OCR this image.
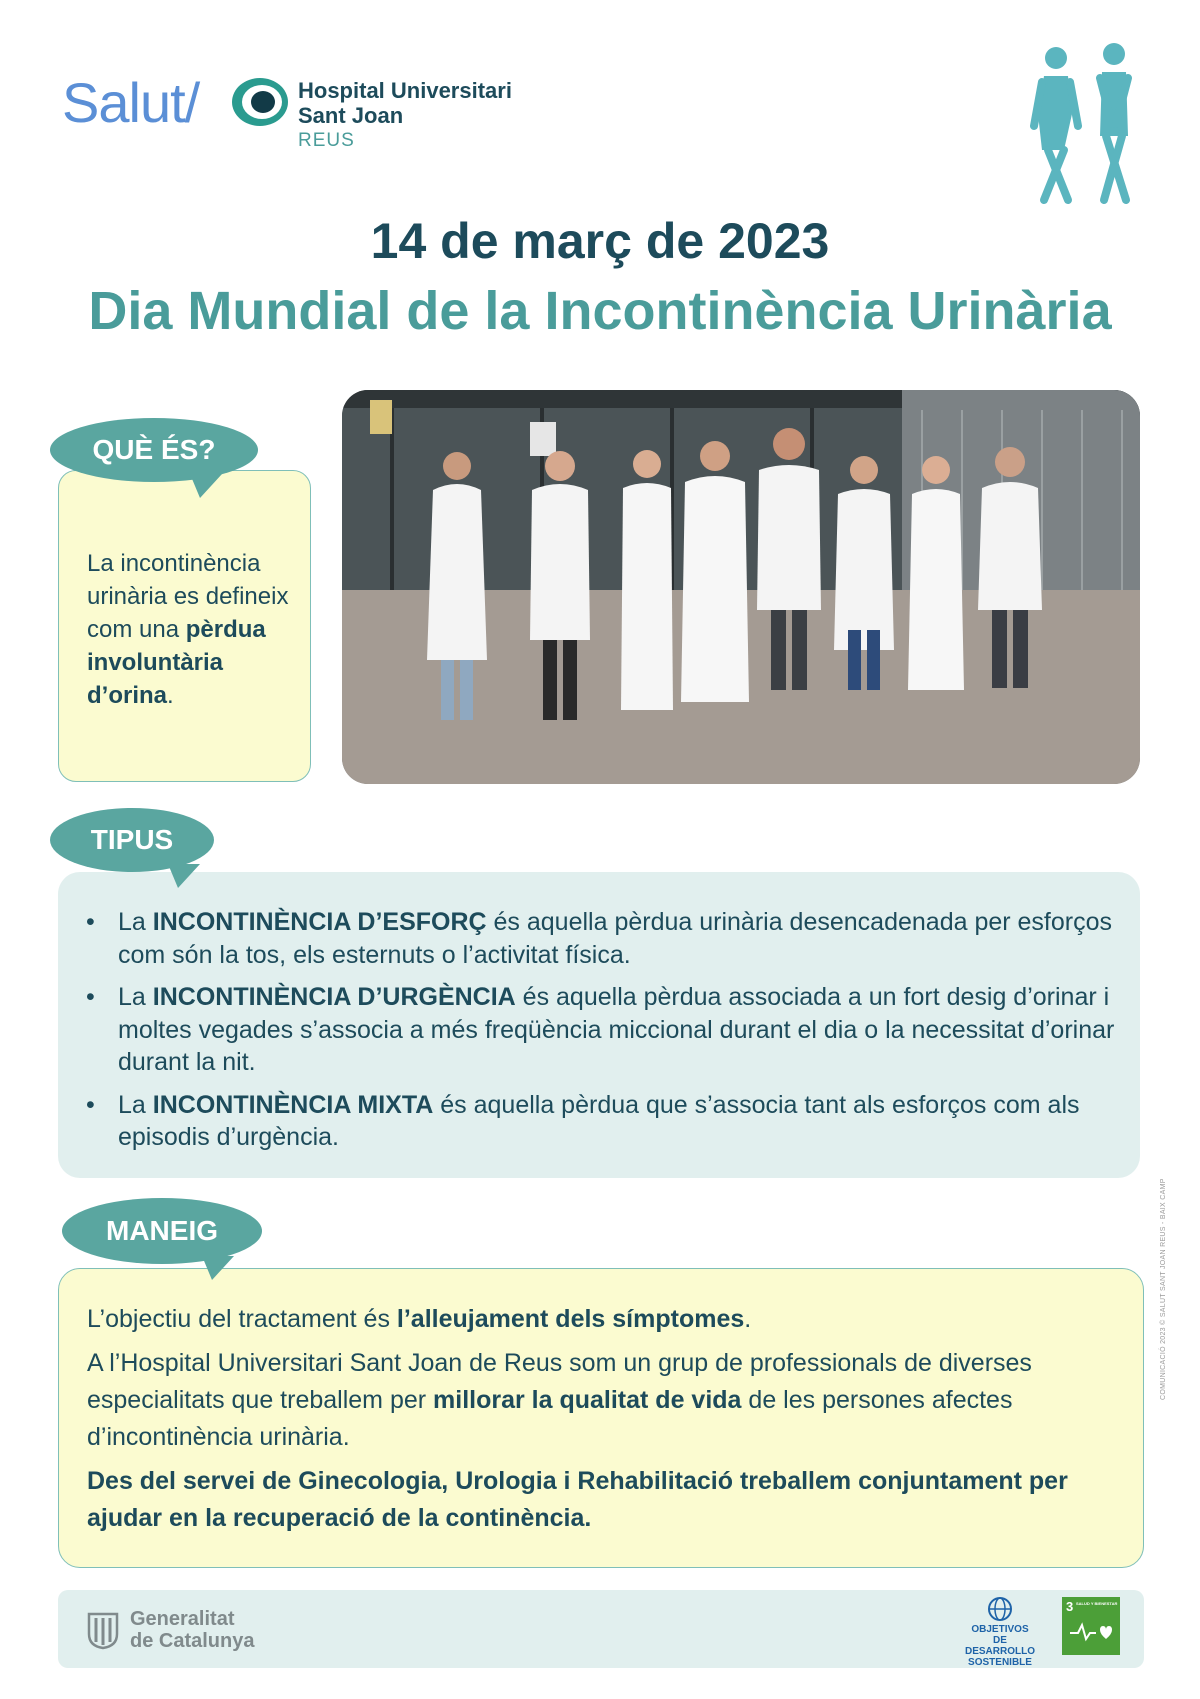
Salut/	Hospital Universitari
Sant Joan
REUS
14 de març de 2023
Dia Mundial de la Incontinència Urinària

La incontinència urinària es defineix com una pèrdua involuntària d’orina.

QUÈ ÉS?
• La INCONTINÈNCIA D’ESFORÇ és aquella pèrdua urinària desencadenada per esforços com són la tos, els esternuts o l’activitat física.
• La INCONTINÈNCIA D’URGÈNCIA és aquella pèrdua associada a un fort desig d’orinar i moltes vegades s’associa a més freqüència miccional durant el dia o la necessitat d’orinar durant la nit.
• La INCONTINÈNCIA MIXTA és aquella pèrdua que s’associa tant als esforços com als episodis d’urgència.
TIPUS

L’objectiu del tractament és l’alleujament dels símptomes.

A l’Hospital Universitari Sant Joan de Reus som un grup de professionals de diverses especialitats que treballem per millorar la qualitat de vida de les persones afectes d’incontinència urinària.

Des del servei de Ginecologia, Urologia i Rehabilitació treballem conjuntament per ajudar en la recuperació de la continència.

MANEIG	COMUNICACIÓ 2023 © SALUT SANT JOAN REUS - BAIX CAMP
Generalitat
de Catalunya
OBJETIVOS
DE DESARROLLO
SOSTENIBLE
3 SALUD Y BIENESTAR
